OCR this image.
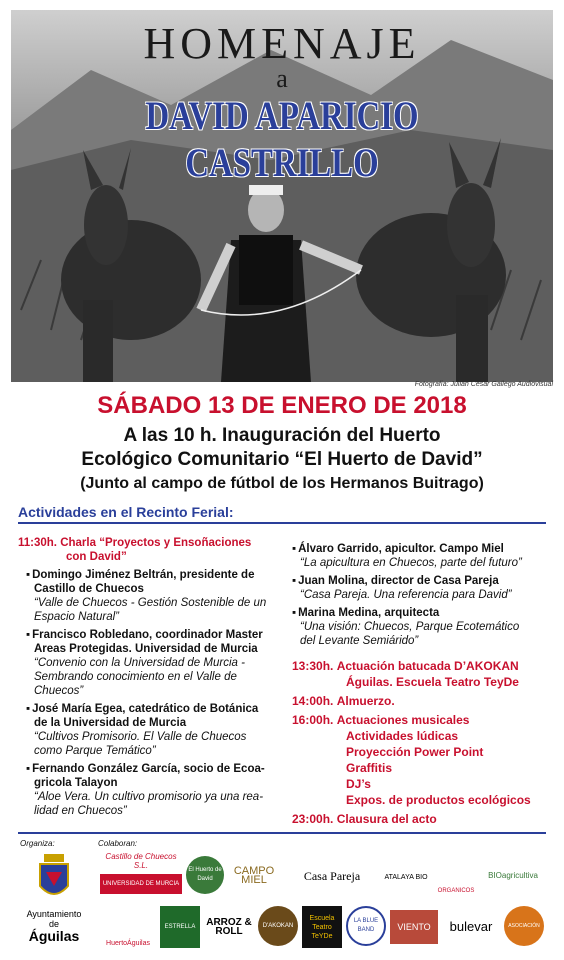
HOMENAJE
a
DAVID APARICIO CASTRILLO
Fotografía: Julian Cesar Gallego Audiovisual
SÁBADO 13 DE ENERO DE 2018
A las 10 h. Inauguración del Huerto
Ecológico Comunitario “El Huerto de David”
(Junto al campo de fútbol de los Hermanos Buitrago)
Actividades en el Recinto Ferial:
11:30h. Charla “Proyectos y Ensoñaciones
con David”
▪ Domingo Jiménez Beltrán, presidente de
Castillo de Chuecos
“Valle de Chuecos - Gestión Sostenible de un
Espacio Natural”
▪ Francisco Robledano, coordinador Master
Areas Protegidas. Universidad de Murcia
“Convenio con la Universidad de Murcia -
Sembrando conocimiento en el Valle de
Chuecos”
▪ José María Egea, catedrático de Botánica
de la Universidad de Murcia
“Cultivos Promisorio. El Valle de Chuecos
como Parque Temático”
▪ Fernando González García, socio de Ecoa-
gricola Talayon
“Aloe Vera. Un cultivo promisorio ya una rea-
lidad en Chuecos”
▪ Álvaro Garrido, apicultor. Campo Miel
“La apicultura en Chuecos, parte del futuro”
▪ Juan Molina, director de Casa Pareja
“Casa Pareja. Una referencia para David”
▪ Marina Medina, arquitecta
“Una visión: Chuecos, Parque Ecotemático
del Levante Semiárido”
13:30h. Actuación batucada D’AKOKAN
Águilas. Escuela Teatro TeyDe
14:00h. Almuerzo.
16:00h. Actuaciones musicales
Actividades lúdicas
Proyección Power Point
Graffitis
DJ’s
Expos. de productos ecológicos
23:00h. Clausura del acto
Organiza:	Colaboran:
Ayuntamiento
de
Águilas
Castillo de Chuecos S.L.
UNIVERSIDAD DE MURCIA
El Huerto de David
CAMPO MIEL	Casa Pareja	ATALAYA BIO
ORGANICOS
BIOagricultiva
HuertoÁguilas
ESTRELLA	ARROZ & ROLL
D'AKOKAN
Escuela Teatro TeYDe
LA BLUE BAND	VIENTO	bulevar	ASOCIACIÓN
